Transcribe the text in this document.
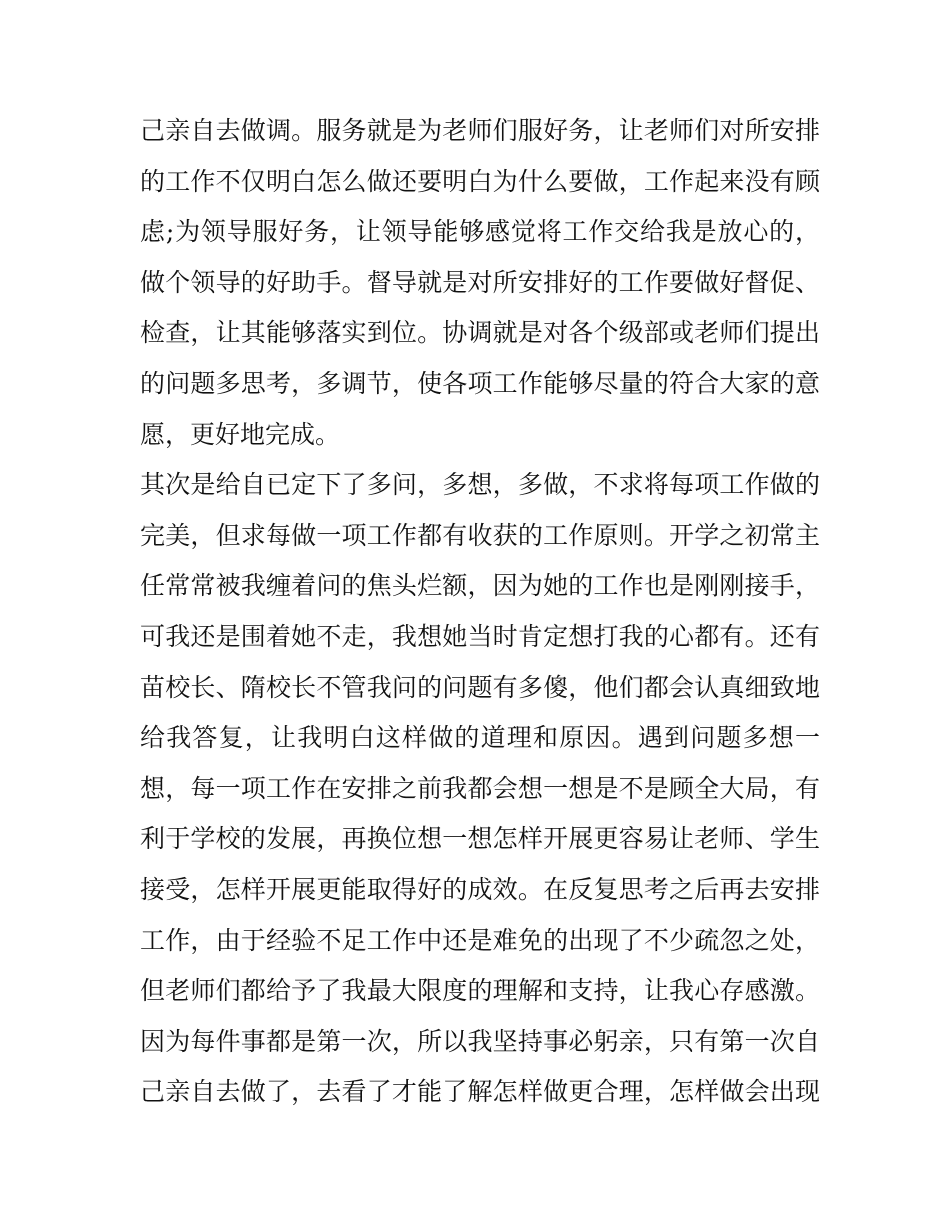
己亲自去做调。服务就是为老师们服好务，让老师们对所安排
的工作不仅明白怎么做还要明白为什么要做，工作起来没有顾
虑;为领导服好务，让领导能够感觉将工作交给我是放心的，
做个领导的好助手。督导就是对所安排好的工作要做好督促、
检查，让其能够落实到位。协调就是对各个级部或老师们提出
的问题多思考，多调节，使各项工作能够尽量的符合大家的意
愿，更好地完成。
其次是给自已定下了多问，多想，多做，不求将每项工作做的
完美，但求每做一项工作都有收获的工作原则。开学之初常主
任常常被我缠着问的焦头烂额，因为她的工作也是刚刚接手，
可我还是围着她不走，我想她当时肯定想打我的心都有。还有
苗校长、隋校长不管我问的问题有多傻，他们都会认真细致地
给我答复，让我明白这样做的道理和原因。遇到问题多想一
想，每一项工作在安排之前我都会想一想是不是顾全大局，有
利于学校的发展，再换位想一想怎样开展更容易让老师、学生
接受，怎样开展更能取得好的成效。在反复思考之后再去安排
工作，由于经验不足工作中还是难免的出现了不少疏忽之处，
但老师们都给予了我最大限度的理解和支持，让我心存感激。
因为每件事都是第一次，所以我坚持事必躬亲，只有第一次自
己亲自去做了，去看了才能了解怎样做更合理，怎样做会出现
